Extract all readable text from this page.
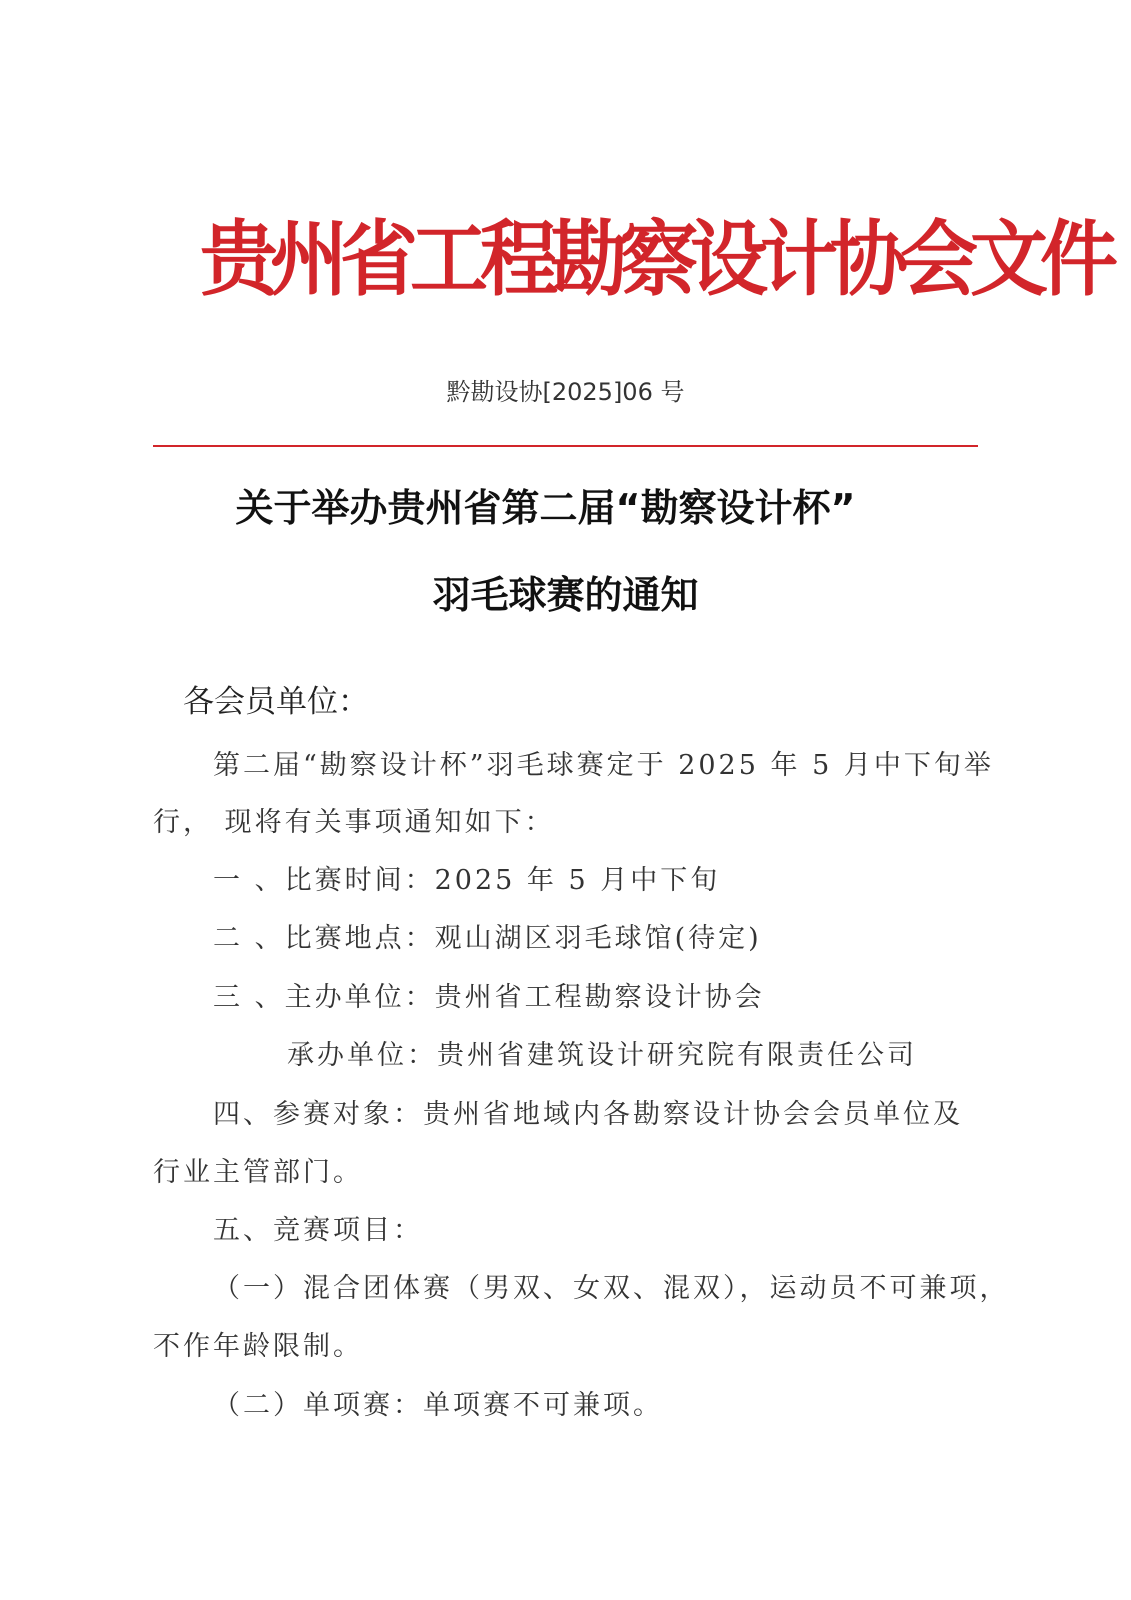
贵州省工程勘察设计协会文件
黔勘设协[2025]06 号
关于举办贵州省第二届“勘察设计杯”
羽毛球赛的通知
各会员单位：
第二届“勘察设计杯”羽毛球赛定于 2025 年 5 月中下旬举
行， 现将有关事项通知如下：
一 、比赛时间：2025 年 5 月中下旬
二 、比赛地点：观山湖区羽毛球馆(待定)
三 、主办单位：贵州省工程勘察设计协会
承办单位：贵州省建筑设计研究院有限责任公司
四、参赛对象：贵州省地域内各勘察设计协会会员单位及
行业主管部门。
五、竞赛项目：
（一）混合团体赛（男双、女双、混双），运动员不可兼项，
不作年龄限制。
（二）单项赛：单项赛不可兼项。
